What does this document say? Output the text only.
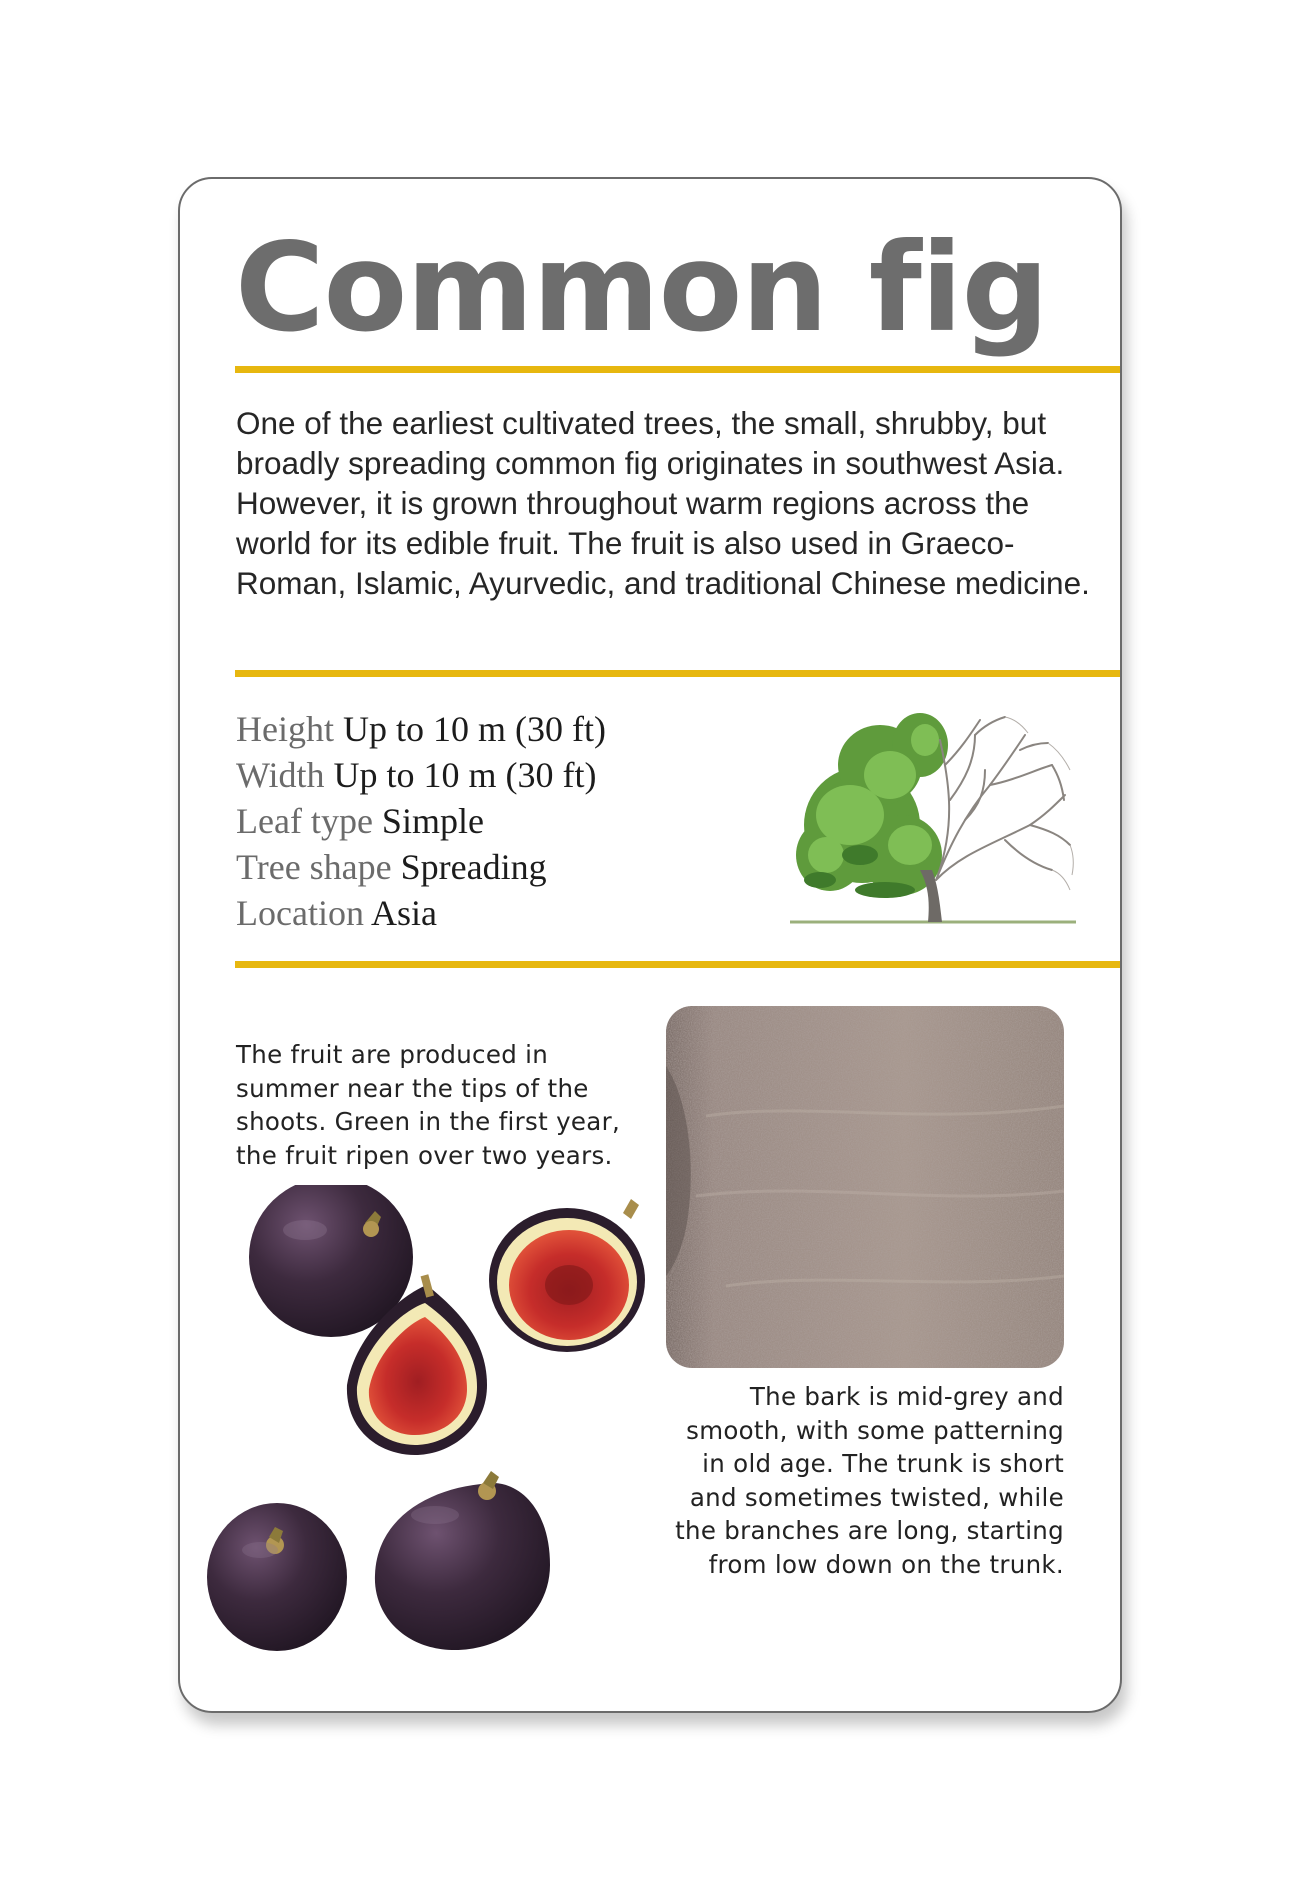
Common fig

One of the earliest cultivated trees, the small, shrubby, but broadly spreading common fig originates in southwest Asia. However, it is grown throughout warm regions across the world for its edible fruit. The fruit is also used in Graeco-Roman, Islamic, Ayurvedic, and traditional Chinese medicine.

Height Up to 10 m (30 ft)
Width Up to 10 m (30 ft)
Leaf type Simple
Tree shape Spreading
Location Asia
The fruit are produced in
summer near the tips of the
shoots. Green in the first year,
the fruit ripen over two years.
The bark is mid-grey and
smooth, with some patterning
in old age. The trunk is short
and sometimes twisted, while
the branches are long, starting
from low down on the trunk.
